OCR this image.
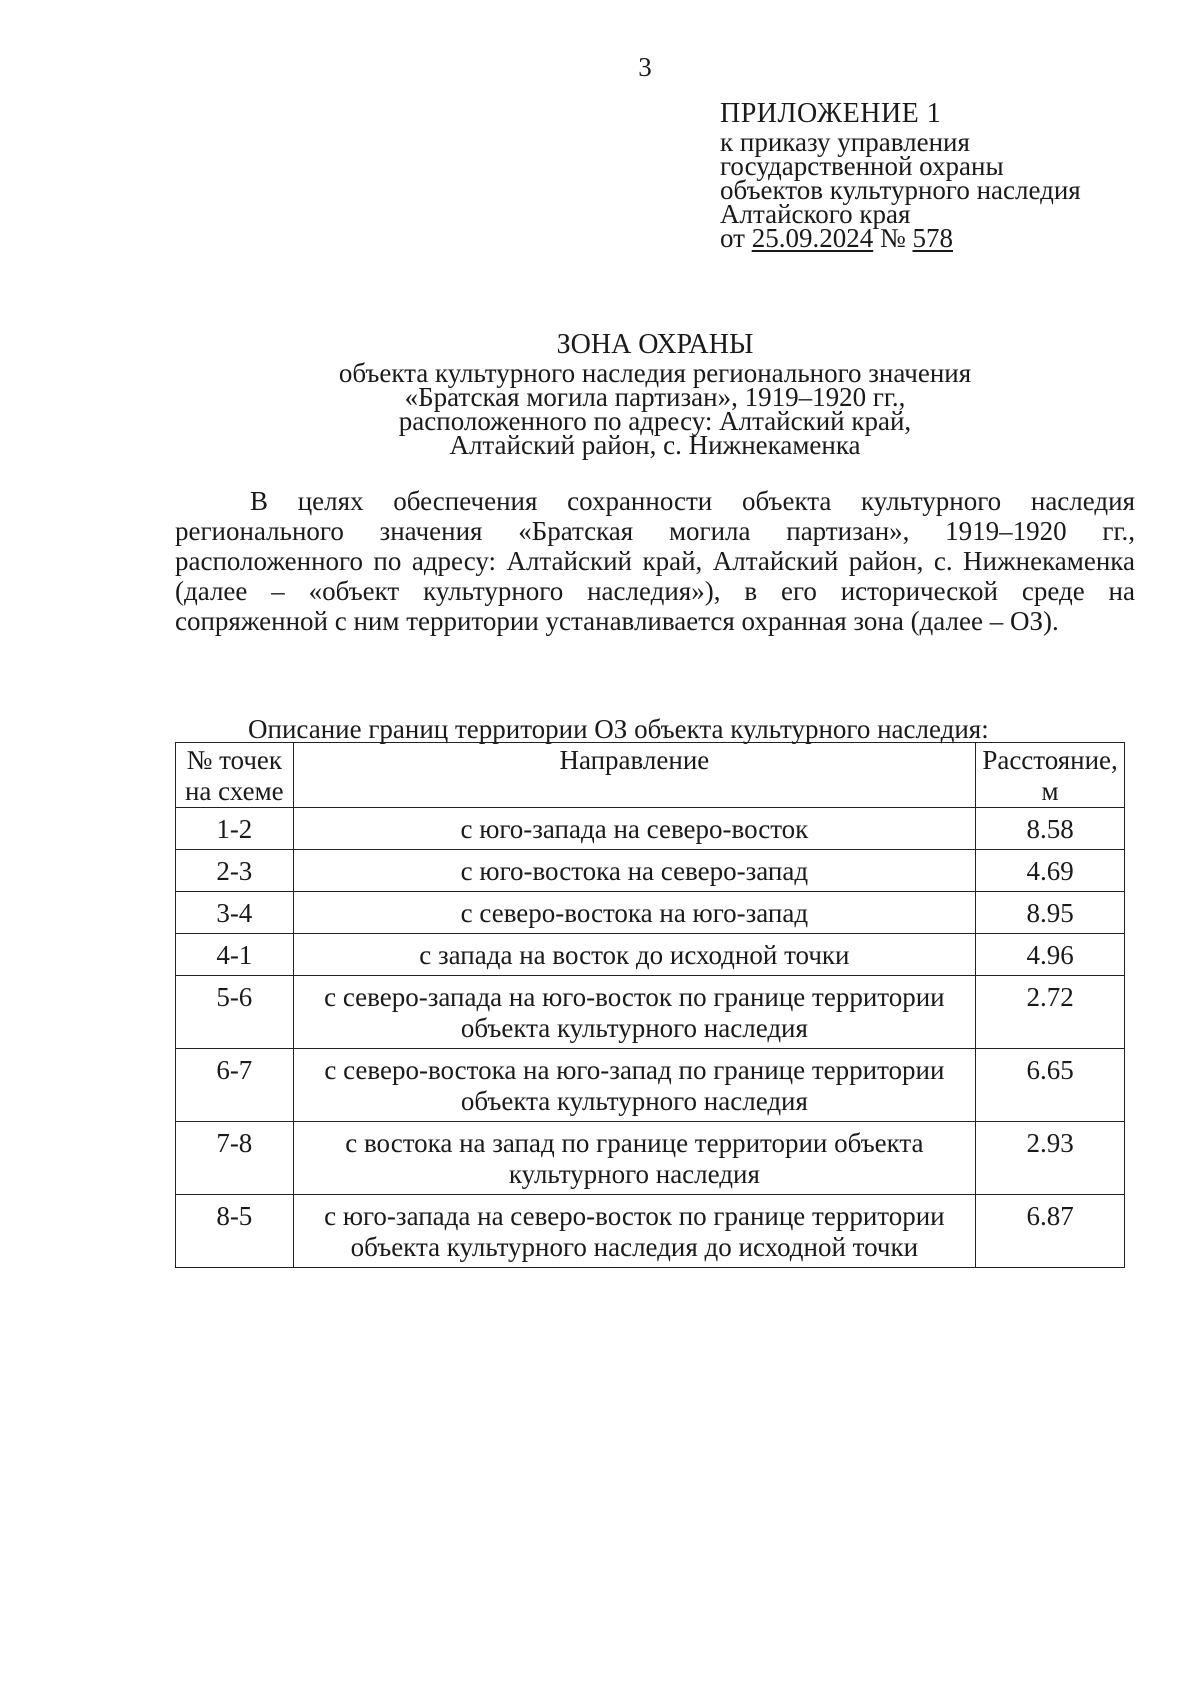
3
ПРИЛОЖЕНИЕ 1
к приказу управления
государственной охраны
объектов культурного наследия
Алтайского края
от 25.09.2024 № 578
ЗОНА ОХРАНЫ
объекта культурного наследия регионального значения
«Братская могила партизан», 1919–1920 гг.,
расположенного по адресу: Алтайский край,
Алтайский район, с. Нижнекаменка

В целях обеспечения сохранности объекта культурного наследия регионального значения «Братская могила партизан», 1919–1920 гг., расположенного по адресу: Алтайский край, Алтайский район, с. Нижнекаменка (далее – «объект культурного наследия»), в его исторической среде на сопряженной с ним территории устанавливается охранная зона (далее – ОЗ).

Описание границ территории ОЗ объекта культурного наследия:
№ точек на схеме	Направление	Расстояние, м
1-2	с юго-запада на северо-восток	8.58
2-3	с юго-востока на северо-запад	4.69
3-4	с северо-востока на юго-запад	8.95
4-1	с запада на восток до исходной точки	4.96
5-6	с северо-запада на юго-восток по границе территории объекта культурного наследия	2.72
6-7	с северо-востока на юго-запад по границе территории объекта культурного наследия	6.65
7-8	с востока на запад по границе территории объекта культурного наследия	2.93
8-5	с юго-запада на северо-восток по границе территории объекта культурного наследия до исходной точки	6.87
